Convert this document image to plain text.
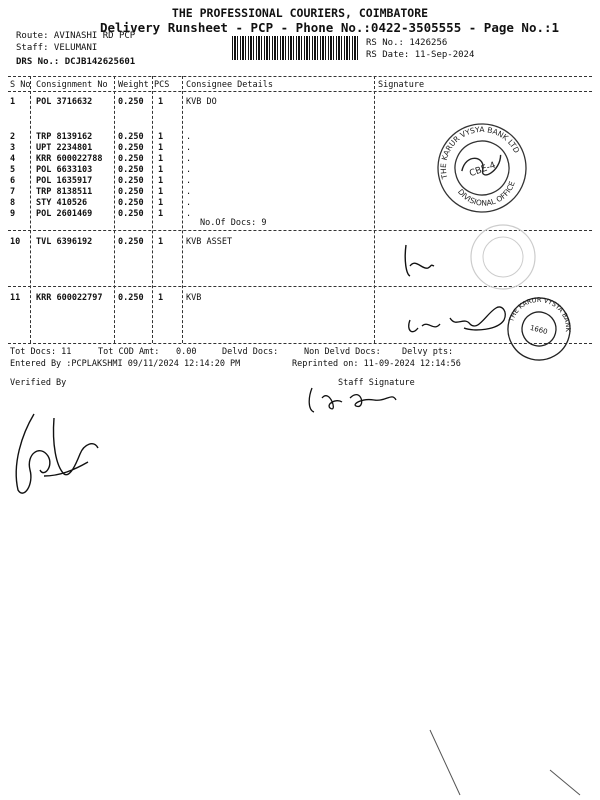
THE PROFESSIONAL COURIERS, COIMBATORE
Delivery Runsheet - PCP - Phone No.:0422-3505555 - Page No.:1
Route: AVINASHI RD PCP
Staff: VELUMANI
DRS No.: DCJB142625601
RS No.: 1426256
RS Date: 11-Sep-2024
S No Consignment No Weight PCS Consignee Details	Signature
1 POL 3716632	0.250 1	KVB DO
2 TRP 8139162	0.250 1	.
3 UPT 2234801	0.250 1	.
4 KRR 600022788 0.250 1	.
5 POL 6633103	0.250 1	.
6 POL 1635917	0.250 1	.
7 TRP 8138511	0.250 1	.
8 STY 410526	0.250 1	.
9 POL 2601469	0.250 1	.
No.Of Docs: 9
10 TVL 6396192	0.250 1	KVB ASSET
11 KRR 600022797 0.250 1	KVB
THE KARUR VYSYA BANK LTD
DIVISIONAL OFFICE
CBE-4
THE KARUR VYSYA BANK
1660
Tot Docs: 11	Tot COD Amt: 0.00	Delvd Docs:	Non Delvd Docs: Delvy pts:
Entered By :PCPLAKSHMI 09/11/2024 12:14:20 PM	Reprinted on: 11-09-2024 12:14:56
Verified By	Staff Signature
